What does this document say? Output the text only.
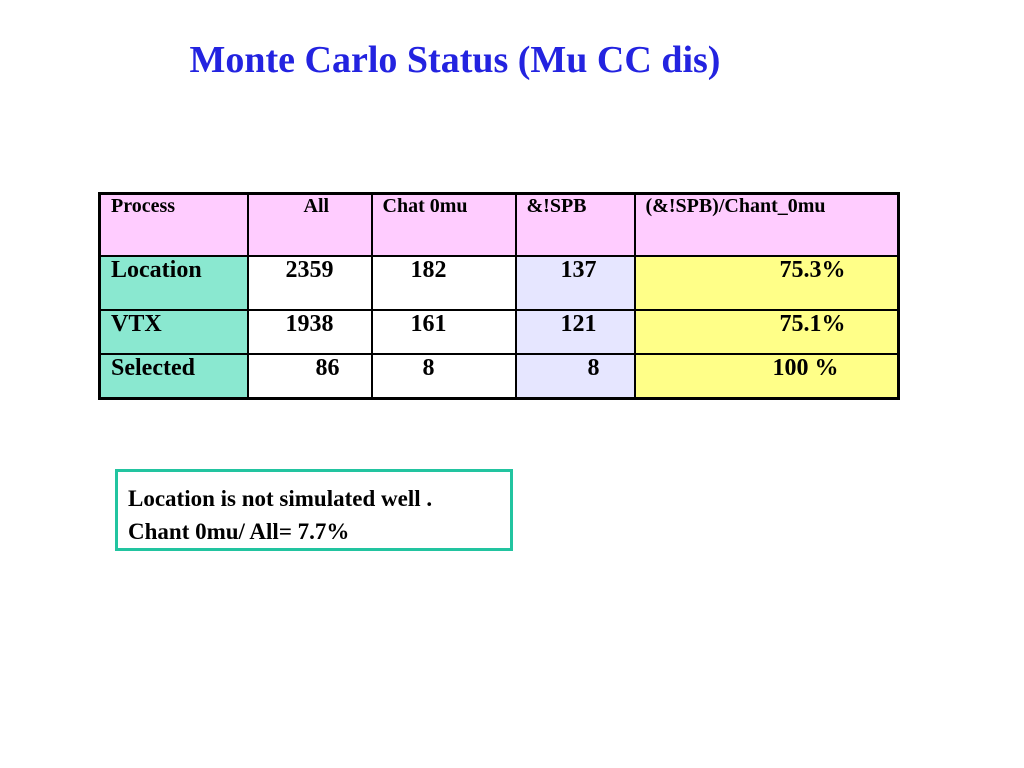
Monte Carlo Status (Mu CC dis)
Process	All	Chat 0mu	&!SPB	(&!SPB)/Chant_0mu

Location	2359	182	137	75.3%
VTX	1938	161	121	75.1%
Selected	86	8	8	100 %
Location is not simulated well .
Chant 0mu/ All= 7.7%
